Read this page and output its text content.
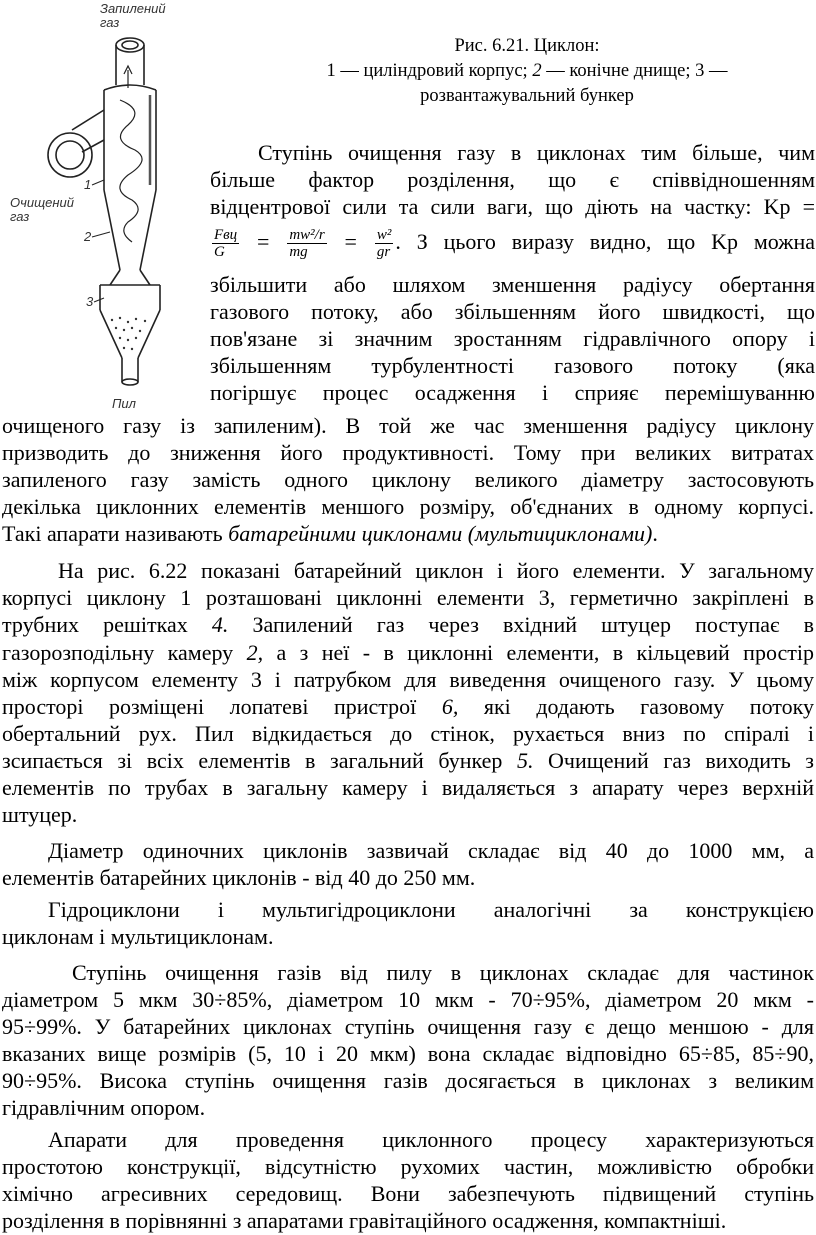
Запилений
газ
Очищений
газ
Пил
1
2
3
Рис. 6.21. Циклон:
1 — циліндровий корпус; 2 — конічне днище; 3 —
розвантажувальний бункер
Ступінь очищення газу в циклонах тим більше, чим
більше фактор розділення, що є співвідношенням
відцентрової сили та сили ваги, що діють на частку: Kр =
$\frac{\text{Fвц}}{G} = \frac{\text{mw²/r}}{mg} = \frac{\text{w²}}{gr}$ . З цього виразу видно, що Kр можна
збільшити або шляхом зменшення радіусу обертання
газового потоку, або збільшенням його швидкості, що
пов'язане зі значним зростанням гідравлічного опору і
збільшенням турбулентності газового потоку (яка
погіршує процес осадження і сприяє перемішуванню
очищеного газу із запиленим). В той же час зменшення радіусу циклону
призводить до зниження його продуктивності. Тому при великих витратах
запиленого газу замість одного циклону великого діаметру застосовують
декілька циклонних елементів меншого розміру, об'єднаних в одному корпусі.
Такі апарати називають батарейними циклонами (мультициклонами).
На рис. 6.22 показані батарейний циклон і його елементи. У загальному
корпусі циклону 1 розташовані циклонні елементи 3, герметично закріплені в
трубних решітках 4. Запилений газ через вхідний штуцер поступає в
газорозподільну камеру 2, а з неї - в циклонні елементи, в кільцевий простір
між корпусом елементу 3 і патрубком для виведення очищеного газу. У цьому
просторі розміщені лопатеві пристрої 6, які додають газовому потоку
обертальний рух. Пил відкидається до стінок, рухається вниз по спіралі і
зсипається зі всіх елементів в загальний бункер 5. Очищений газ виходить з
елементів по трубах в загальну камеру і видаляється з апарату через верхній
штуцер.
Діаметр одиночних циклонів зазвичай складає від 40 до 1000 мм, а
елементів батарейних циклонів - від 40 до 250 мм.
Гідроциклони і мультигідроциклони аналогічні за конструкцією
циклонам і мультициклонам.
Ступінь очищення газів від пилу в циклонах складає для частинок
діаметром 5 мкм 30÷85%, діаметром 10 мкм - 70÷95%, діаметром 20 мкм -
95÷99%. У батарейних циклонах ступінь очищення газу є дещо меншою - для
вказаних вище розмірів (5, 10 і 20 мкм) вона складає відповідно 65÷85, 85÷90,
90÷95%. Висока ступінь очищення газів досягається в циклонах з великим
гідравлічним опором.
Апарати для проведення циклонного процесу характеризуються
простотою конструкції, відсутністю рухомих частин, можливістю обробки
хімічно агресивних середовищ. Вони забезпечують підвищений ступінь
розділення в порівнянні з апаратами гравітаційного осадження, компактніші.
